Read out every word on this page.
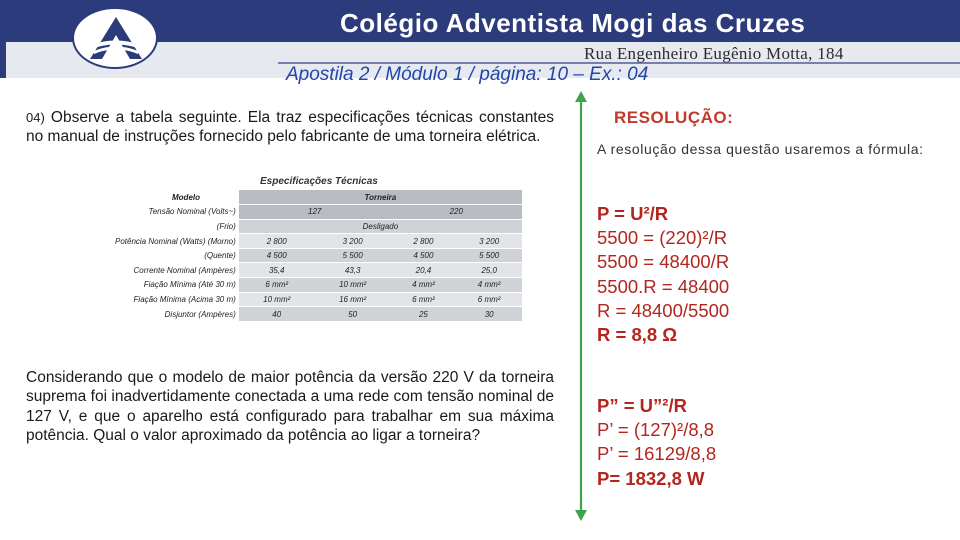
Colégio Adventista Mogi das Cruzes
Rua Engenheiro Eugênio Motta, 184
Apostila 2 / Módulo 1 / página: 10 – Ex.: 04
04) Observe a tabela seguinte. Ela traz especificações técnicas constantes no manual de instruções fornecido pelo fabricante de uma torneira elétrica.
Especificações Técnicas
Modelo	Torneira			
Tensão Nominal (Volts~)	127		220	
(Frio)	Desligado			
Potência Nominal (Watts) (Morno)	2 800	3 200	2 800	3 200
(Quente)	4 500	5 500	4 500	5 500
Corrente Nominal (Ampères)	35,4	43,3	20,4	25,0
Fiação Mínima (Até 30 m)	6 mm²	10 mm²	4 mm²	4 mm²
Fiação Mínima (Acima 30 m)	10 mm²	16 mm²	6 mm²	6 mm²
Disjuntor (Ampères)	40	50	25	30
Considerando que o modelo de maior potência da versão 220 V da torneira suprema foi inadvertidamente conectada a uma rede com tensão nominal de 127 V, e que o aparelho está configurado para trabalhar em sua máxima potência. Qual o valor aproximado da potência ao ligar a torneira?
RESOLUÇÃO:
A resolução dessa questão usaremos a fórmula:
P = U²/R
5500 = (220)²/R
5500 = 48400/R
5500.R = 48400
R = 48400/5500
R = 8,8 Ω
P” = U”²/R
P’ = (127)²/8,8
P’ = 16129/8,8
P= 1832,8 W
